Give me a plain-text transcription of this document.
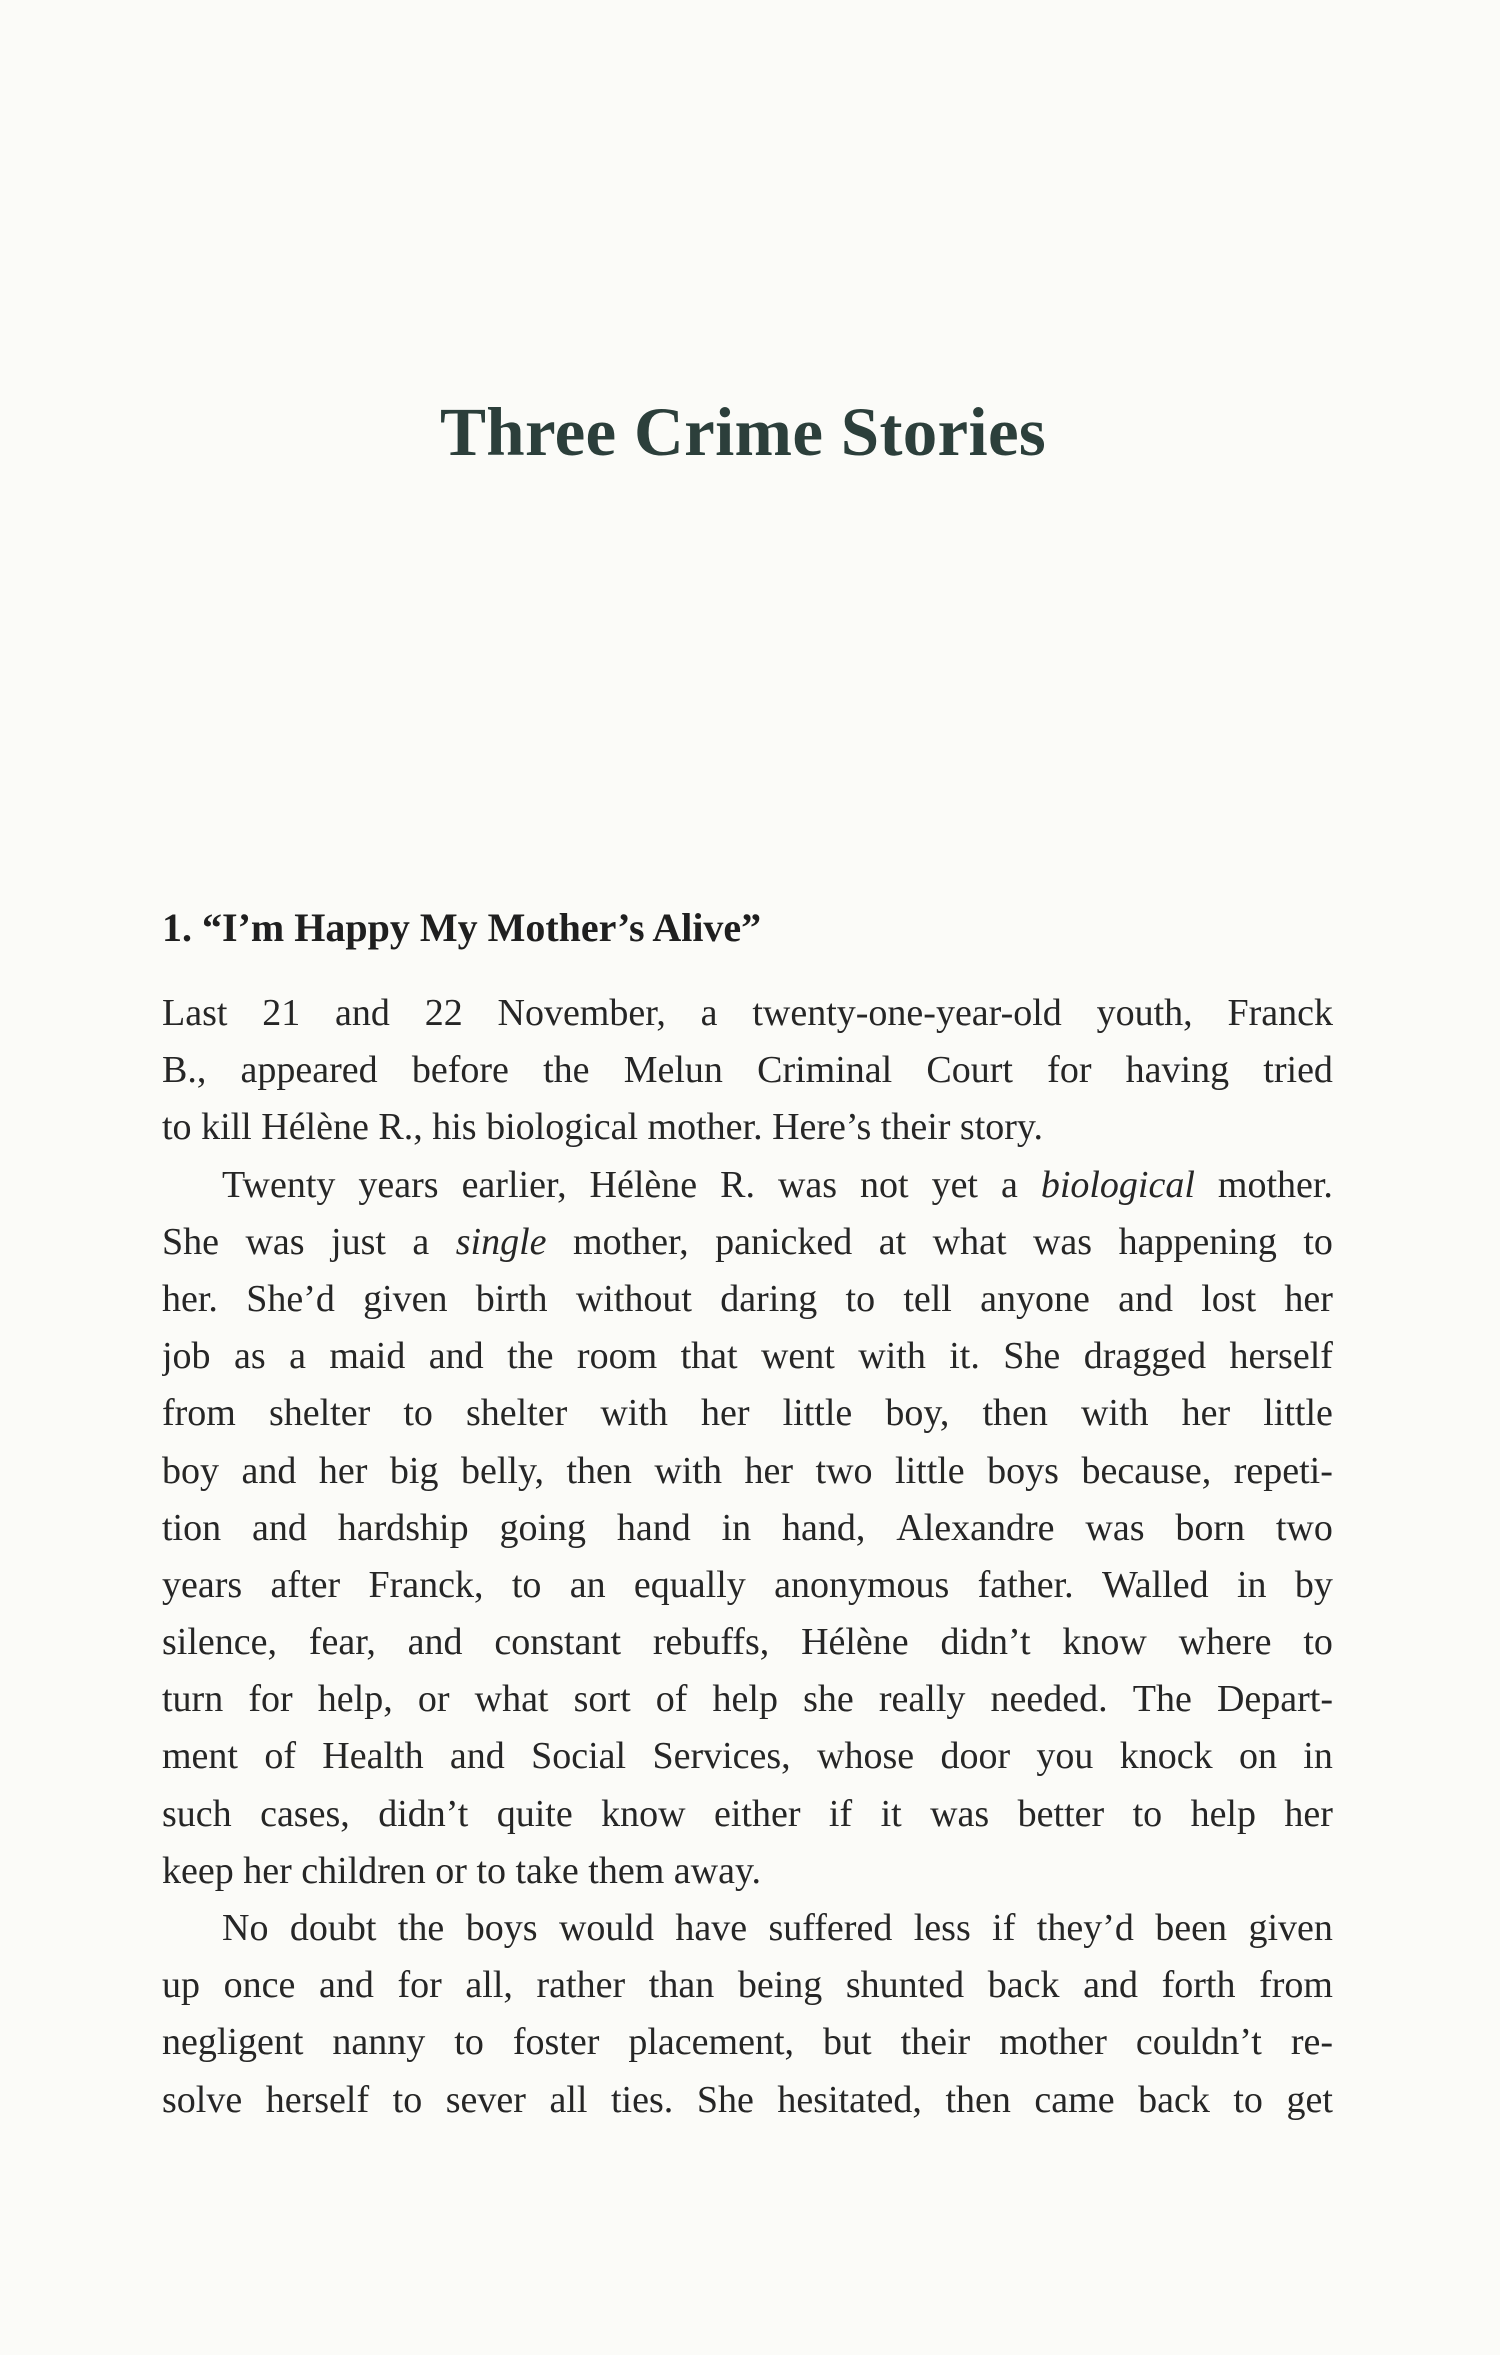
Three Crime Stories
1. “I’m Happy My Mother’s Alive”
Last 21 and 22 November, a twenty-one-year-old youth, Franck
B., appeared before the Melun Criminal Court for having tried
to kill Hélène R., his biological mother. Here’s their story.
Twenty years earlier, Hélène R. was not yet a biological mother.
She was just a single mother, panicked at what was happening to
her. She’d given birth without daring to tell anyone and lost her
job as a maid and the room that went with it. She dragged herself
from shelter to shelter with her little boy, then with her little
boy and her big belly, then with her two little boys because, repeti-
tion and hardship going hand in hand, Alexandre was born two
years after Franck, to an equally anonymous father. Walled in by
silence, fear, and constant rebuffs, Hélène didn’t know where to
turn for help, or what sort of help she really needed. The Depart-
ment of Health and Social Services, whose door you knock on in
such cases, didn’t quite know either if it was better to help her
keep her children or to take them away.
No doubt the boys would have suffered less if they’d been given
up once and for all, rather than being shunted back and forth from
negligent nanny to foster placement, but their mother couldn’t re-
solve herself to sever all ties. She hesitated, then came back to get
